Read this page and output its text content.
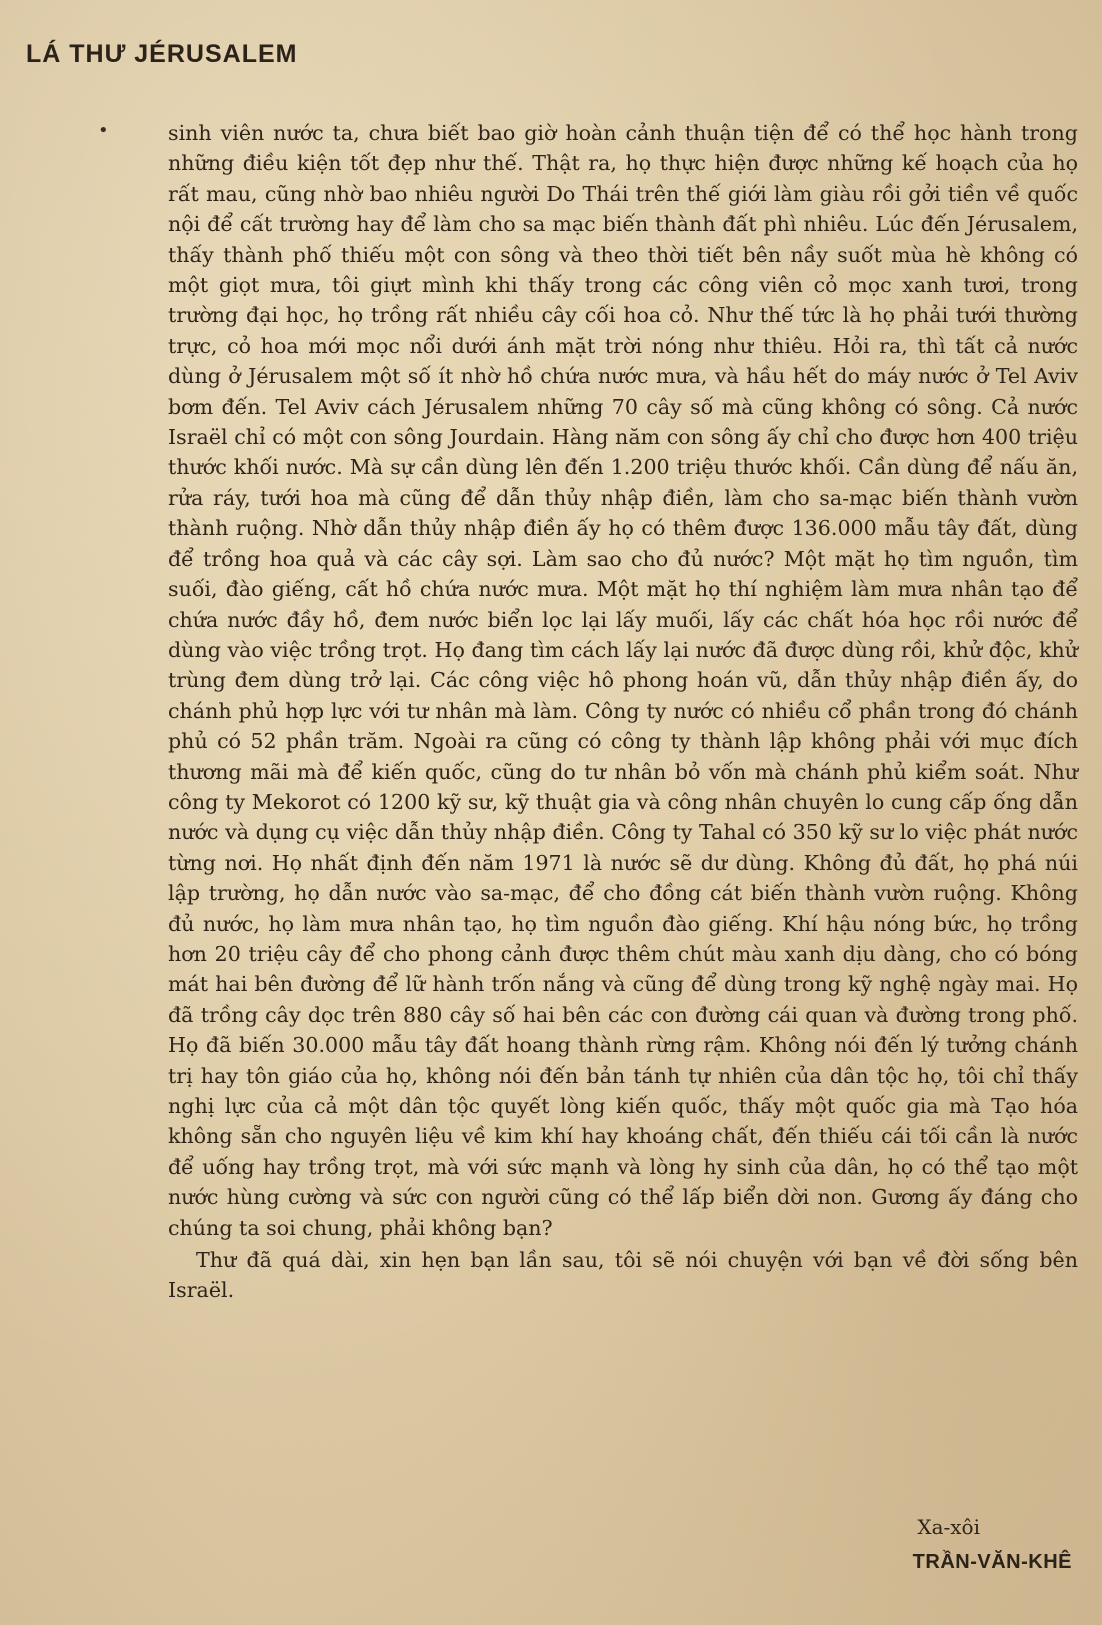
LÁ THƯ JÉRUSALEM
•	sinh viên nước ta, chưa biết bao giờ hoàn cảnh thuận tiện để có thể học hành trong những điều kiện tốt đẹp như thế. Thật ra, họ thực hiện được những kế hoạch của họ rất mau, cũng nhờ bao nhiêu người Do Thái trên thế giới làm giàu rồi gởi tiền về quốc nội để cất trường hay để làm cho sa mạc biến thành đất phì nhiêu. Lúc đến Jérusalem, thấy thành phố thiếu một con sông và theo thời tiết bên nầy suốt mùa hè không có một giọt mưa, tôi giựt mình khi thấy trong các công viên cỏ mọc xanh tươi, trong trường đại học, họ trồng rất nhiều cây cối hoa cỏ. Như thế tức là họ phải tưới thường trực, cỏ hoa mới mọc nổi dưới ánh mặt trời nóng như thiêu. Hỏi ra, thì tất cả nước dùng ở Jérusalem một số ít nhờ hồ chứa nước mưa, và hầu hết do máy nước ở Tel Aviv bơm đến. Tel Aviv cách Jérusalem những 70 cây số mà cũng không có sông. Cả nước Israël chỉ có một con sông Jourdain. Hàng năm con sông ấy chỉ cho được hơn 400 triệu thước khối nước. Mà sự cần dùng lên đến 1.200 triệu thước khối. Cần dùng để nấu ăn, rửa ráy, tưới hoa mà cũng để dẫn thủy nhập điền, làm cho sa-mạc biến thành vườn thành ruộng. Nhờ dẫn thủy nhập điền ấy họ có thêm được 136.000 mẫu tây đất, dùng để trồng hoa quả và các cây sợi. Làm sao cho đủ nước? Một mặt họ tìm nguồn, tìm suối, đào giếng, cất hồ chứa nước mưa. Một mặt họ thí nghiệm làm mưa nhân tạo để chứa nước đầy hồ, đem nước biển lọc lại lấy muối, lấy các chất hóa học rồi nước để dùng vào việc trồng trọt. Họ đang tìm cách lấy lại nước đã được dùng rồi, khử độc, khử trùng đem dùng trở lại. Các công việc hô phong hoán vũ, dẫn thủy nhập điền ấy, do chánh phủ hợp lực với tư nhân mà làm. Công ty nước có nhiều cổ phần trong đó chánh phủ có 52 phần trăm. Ngoài ra cũng có công ty thành lập không phải với mục đích thương mãi mà để kiến quốc, cũng do tư nhân bỏ vốn mà chánh phủ kiểm soát. Như công ty Mekorot có 1200 kỹ sư, kỹ thuật gia và công nhân chuyên lo cung cấp ống dẫn nước và dụng cụ việc dẫn thủy nhập điền. Công ty Tahal có 350 kỹ sư lo việc phát nước từng nơi. Họ nhất định đến năm 1971 là nước sẽ dư dùng. Không đủ đất, họ phá núi lập trường, họ dẫn nước vào sa-mạc, để cho đồng cát biến thành vườn ruộng. Không đủ nước, họ làm mưa nhân tạo, họ tìm nguồn đào giếng. Khí hậu nóng bức, họ trồng hơn 20 triệu cây để cho phong cảnh được thêm chút màu xanh dịu dàng, cho có bóng mát hai bên đường để lữ hành trốn nắng và cũng để dùng trong kỹ nghệ ngày mai. Họ đã trồng cây dọc trên 880 cây số hai bên các con đường cái quan và đường trong phố. Họ đã biến 30.000 mẫu tây đất hoang thành rừng rậm. Không nói đến lý tưởng chánh trị hay tôn giáo của họ, không nói đến bản tánh tự nhiên của dân tộc họ, tôi chỉ thấy nghị lực của cả một dân tộc quyết lòng kiến quốc, thấy một quốc gia mà Tạo hóa không sẵn cho nguyên liệu về kim khí hay khoáng chất, đến thiếu cái tối cần là nước để uống hay trồng trọt, mà với sức mạnh và lòng hy sinh của dân, họ có thể tạo một nước hùng cường và sức con người cũng có thể lấp biển dời non. Gương ấy đáng cho chúng ta soi chung, phải không bạn?

Thư đã quá dài, xin hẹn bạn lần sau, tôi sẽ nói chuyện với bạn về đời sống bên Israël.

Xa-xôi
TRẦN-VĂN-KHÊ
